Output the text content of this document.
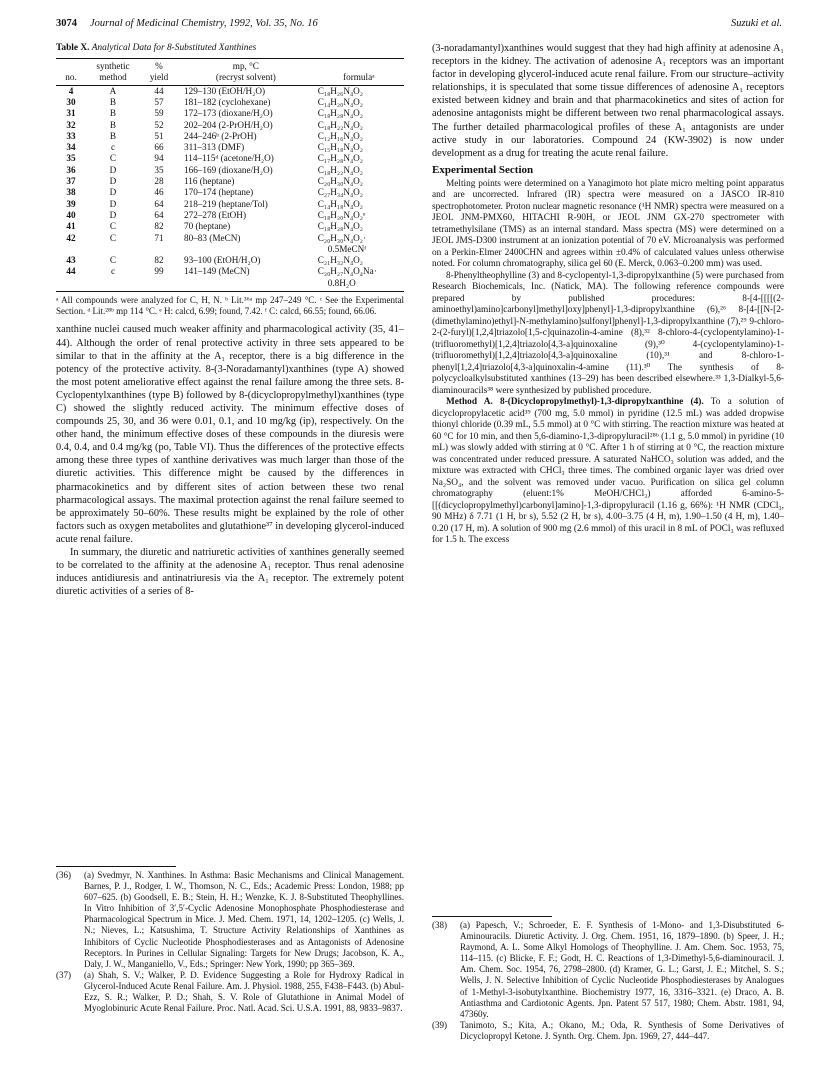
3074 Journal of Medicinal Chemistry, 1992, Vol. 35, No. 16	Suzuki et al.
Table X. Analytical Data for 8-Substituted Xanthines
	synthetic	%	mp, °C	
no.	method	yield	(recryst solvent)	formulaᵃ
4	A	44	129–130 (EtOH/H₂O)	C₁₈H₂₆N₄O₂
30	B	57	181–182 (cyclohexane)	C₁₄H₂₀N₄O₂
31	B	59	172–173 (dioxane/H₂O)	C₁₈H₂₈N₄O₂
32	B	52	202–204 (2-PrOH/H₂O)	C₁₈H₂₂N₄O₂
33	B	51	244–246ᵇ (2-PrOH)	C₁₂H₁₆N₄O₂
34	c	66	311–313 (DMF)	C₁₅H₁₈N₄O₂
35	C	94	114–115ᵈ (acetone/H₂O)	C₁₇H₂₈N₄O₂
36	D	35	166–169 (dioxane/H₂O)	C₁₈H₂₂N₄O₂
37	D	28	116 (heptane)	C₂₀H₃₀N₄O₂
38	D	46	170–174 (heptane)	C₂₇H₃₄N₄O₂
39	D	64	218–219 (heptane/Tol)	C₁₄H₁₈N₄O₂
40	D	64	272–278 (EtOH)	C₁₈H₂₀N₄O₂ᵉ
41	C	82	70 (heptane)	C₁₈H₂₈N₄O₂
42	C	71	80–83 (MeCN)	C₂₀H₃₀N₄O₂·
				0.5MeCNᶠ
43	C	82	93–100 (EtOH/H₂O)	C₂₁H₃₂N₄O₂
44	c	99	141–149 (MeCN)	C₂₀H₂₇N₄O₄Na·
				0.8H₂O
ᵃ All compounds were analyzed for C, H, N. ᵇ Lit.³⁶ᵃ mp 247–249 °C. ᶜ See the Experimental Section. ᵈ Lit.²⁸ᵇ mp 114 °C. ᵉ H: calcd, 6.99; found, 7.42. ᶠ C: calcd, 66.55; found, 66.06.

xanthine nuclei caused much weaker affinity and pharmacological activity (35, 41–44). Although the order of renal protective activity in three sets appeared to be similar to that in the affinity at the A₁ receptor, there is a big difference in the potency of the protective activity. 8-(3-Noradamantyl)xanthines (type A) showed the most potent ameliorative effect against the renal failure among the three sets. 8-Cyclopentylxanthines (type B) followed by 8-(dicyclopropylmethyl)xanthines (type C) showed the slightly reduced activity. The minimum effective doses of compounds 25, 30, and 36 were 0.01, 0.1, and 10 mg/kg (ip), respectively. On the other hand, the minimum effective doses of these compounds in the diuresis were 0.4, 0.4, and 0.4 mg/kg (po, Table VI). Thus the differences of the protective effects among these three types of xanthine derivatives was much larger than those of the diuretic activities. This difference might be caused by the differences in pharmacokinetics and by different sites of action between these two renal pharmacological assays. The maximal protection against the renal failure seemed to be approximately 50–60%. These results might be explained by the role of other factors such as oxygen metabolites and glutathione³⁷ in developing glycerol-induced acute renal failure.

In summary, the diuretic and natriuretic activities of xanthines generally seemed to be correlated to the affinity at the adenosine A₁ receptor. Thus renal adenosine induces antidiuresis and antinatriuresis via the A₁ receptor. The extremely potent diuretic activities of a series of 8-

(36)	(a) Svedmyr, N. Xanthines. In Asthma: Basic Mechanisms and Clinical Management. Barnes, P. J., Rodger, I. W., Thomson, N. C., Eds.; Academic Press: London, 1988; pp 607–625. (b) Goodsell, E. B.; Stein, H. H.; Wenzke, K. J. 8-Substituted Theophyllines. In Vitro Inhibition of 3′,5′-Cyclic Adenosine Monophosphate Phosphodiesterase and Pharmacological Spectrum in Mice. J. Med. Chem. 1971, 14, 1202–1205. (c) Wells, J. N.; Nieves, L.; Katsushima, T. Structure Activity Relationships of Xanthines as Inhibitors of Cyclic Nucleotide Phosphodiesterases and as Antagonists of Adenosine Receptors. In Purines in Cellular Signaling: Targets for New Drugs; Jacobson, K. A., Daly, J. W., Manganiello, V., Eds.; Springer: New York, 1990; pp 365–369.
(37)	(a) Shah, S. V.; Walker, P. D. Evidence Suggesting a Role for Hydroxy Radical in Glycerol-Induced Acute Renal Failure. Am. J. Physiol. 1988, 255, F438–F443. (b) Abul-Ezz, S. R.; Walker, P. D.; Shah, S. V. Role of Glutathione in Animal Model of Myoglobinuric Acute Renal Failure. Proc. Natl. Acad. Sci. U.S.A. 1991, 88, 9833–9837.

(3-noradamantyl)xanthines would suggest that they had high affinity at adenosine A₁ receptors in the kidney. The activation of adenosine A₁ receptors was an important factor in developing glycerol-induced acute renal failure. From our structure–activity relationships, it is speculated that some tissue differences of adenosine A₁ receptors existed between kidney and brain and that pharmacokinetics and sites of action for adenosine antagonists might be different between two renal pharmacological assays. The further detailed pharmacological profiles of these A₁ antagonists are under active study in our laboratories. Compound 24 (KW-3902) is now under development as a drug for treating the acute renal failure.

Experimental Section

Melting points were determined on a Yanagimoto hot plate micro melting point apparatus and are uncorrected. Infrared (IR) spectra were measured on a JASCO IR-810 spectrophotometer. Proton nuclear magnetic resonance (¹H NMR) spectra were measured on a JEOL JNM-PMX60, HITACHI R-90H, or JEOL JNM GX-270 spectrometer with tetramethylsilane (TMS) as an internal standard. Mass spectra (MS) were determined on a JEOL JMS-D300 instrument at an ionization potential of 70 eV. Microanalysis was performed on a Perkin-Elmer 2400CHN and agrees within ±0.4% of calculated values unless otherwise noted. For column chromatography, silica gel 60 (E. Merck, 0.063–0.200 mm) was used.

8-Phenyltheophylline (3) and 8-cyclopentyl-1,3-dipropylxanthine (5) were purchased from Research Biochemicals, Inc. (Natick, MA). The following reference compounds were prepared by published procedures: 8-[4-[[[[(2-aminoethyl)amino]carbonyl]methyl]oxy]phenyl]-1,3-dipropylxanthine (6),²⁶ 8-[4-[[N-[2-(dimethylamino)ethyl]-N-methylamino]sulfonyl]phenyl]-1,3-dipropylxanthine (7),²⁹ 9-chloro-2-(2-furyl)[1,2,4]triazolo[1,5-c]quinazolin-4-amine (8),³² 8-chloro-4-(cyclopentylamino)-1-(trifluoromethyl)[1,2,4]triazolo[4,3-a]quinoxaline (9),³⁰ 4-(cyclopentylamino)-1-(trifluoromethyl)[1,2,4]triazolo[4,3-a]quinoxaline (10),³¹ and 8-chloro-1-phenyl[1,2,4]triazolo[4,3-a]quinoxalin-4-amine (11).³⁰ The synthesis of 8-polycycloalkylsubstituted xanthines (13–29) has been described elsewhere.³³ 1,3-Dialkyl-5,6-diaminouracils³⁸ were synthesized by published procedure.

Method A. 8-(Dicyclopropylmethyl)-1,3-dipropylxanthine (4). To a solution of dicyclopropylacetic acid³⁹ (700 mg, 5.0 mmol) in pyridine (12.5 mL) was added dropwise thionyl chloride (0.39 mL, 5.5 mmol) at 0 °C with stirring. The reaction mixture was heated at 60 °C for 10 min, and then 5,6-diamino-1,3-dipropyluracil²⁸ᵇ (1.1 g, 5.0 mmol) in pyridine (10 mL) was slowly added with stirring at 0 °C. After 1 h of stirring at 0 °C, the reaction mixture was concentrated under reduced pressure. A saturated NaHCO₃ solution was added, and the mixture was extracted with CHCl₃ three times. The combined organic layer was dried over Na₂SO₄, and the solvent was removed under vacuo. Purification on silica gel column chromatography (eluent:1% MeOH/CHCl₃) afforded 6-amino-5-[[(dicyclopropylmethyl)carbonyl]amino]-1,3-dipropyluracil (1.16 g, 66%): ¹H NMR (CDCl₃, 90 MHz) δ 7.71 (1 H, br s), 5.52 (2 H, br s), 4.00–3.75 (4 H, m), 1.90–1.50 (4 H, m), 1.40–0.20 (17 H, m). A solution of 900 mg (2.6 mmol) of this uracil in 8 mL of POCl₃ was refluxed for 1.5 h. The excess

(38)	(a) Papesch, V.; Schroeder, E. F. Synthesis of 1-Mono- and 1,3-Disubstituted 6-Aminouracils. Diuretic Activity. J. Org. Chem. 1951, 16, 1879–1890. (b) Speer, J. H.; Raymond, A. L. Some Alkyl Homologs of Theophylline. J. Am. Chem. Soc. 1953, 75, 114–115. (c) Blicke, F. F.; Godt, H. C. Reactions of 1,3-Dimethyl-5,6-diaminouracil. J. Am. Chem. Soc. 1954, 76, 2798–2800. (d) Kramer, G. L.; Garst, J. E.; Mitchel, S. S.; Wells, J. N. Selective Inhibition of Cyclic Nucleotide Phosphodiesterases by Analogues of 1-Methyl-3-isobutylxanthine. Biochemistry 1977, 16, 3316–3321. (e) Draco, A. B. Antiasthma and Cardiotonic Agents. Jpn. Patent 57 517, 1980; Chem. Abstr. 1981, 94, 47360y.
(39)	Tanimoto, S.; Kita, A.; Okano, M.; Oda, R. Synthesis of Some Derivatives of Dicyclopropyl Ketone. J. Synth. Org. Chem. Jpn. 1969, 27, 444–447.
